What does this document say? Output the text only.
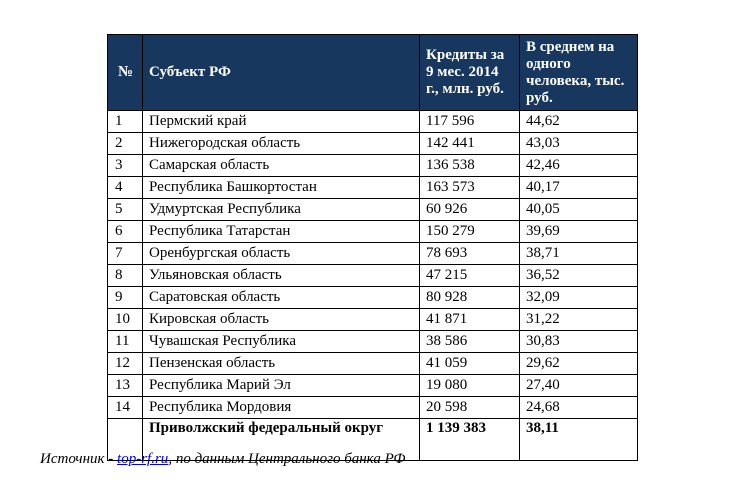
№	Субъект РФ	Кредиты за 9 мес. 2014 г., млн. руб.	В среднем на одного человека, тыс. руб.
1	Пермский край	117 596	44,62
2	Нижегородская область	142 441	43,03
3	Самарская область	136 538	42,46
4	Республика Башкортостан	163 573	40,17
5	Удмуртская Республика	60 926	40,05
6	Республика Татарстан	150 279	39,69
7	Оренбургская область	78 693	38,71
8	Ульяновская область	47 215	36,52
9	Саратовская область	80 928	32,09
10	Кировская область	41 871	31,22
11	Чувашская Республика	38 586	30,83
12	Пензенская область	41 059	29,62
13	Республика Марий Эл	19 080	27,40
14	Республика Мордовия	20 598	24,68
	Приволжский федеральный округ	1 139 383	38,11
Источник - top-rf.ru, по данным Центрального банка РФ
